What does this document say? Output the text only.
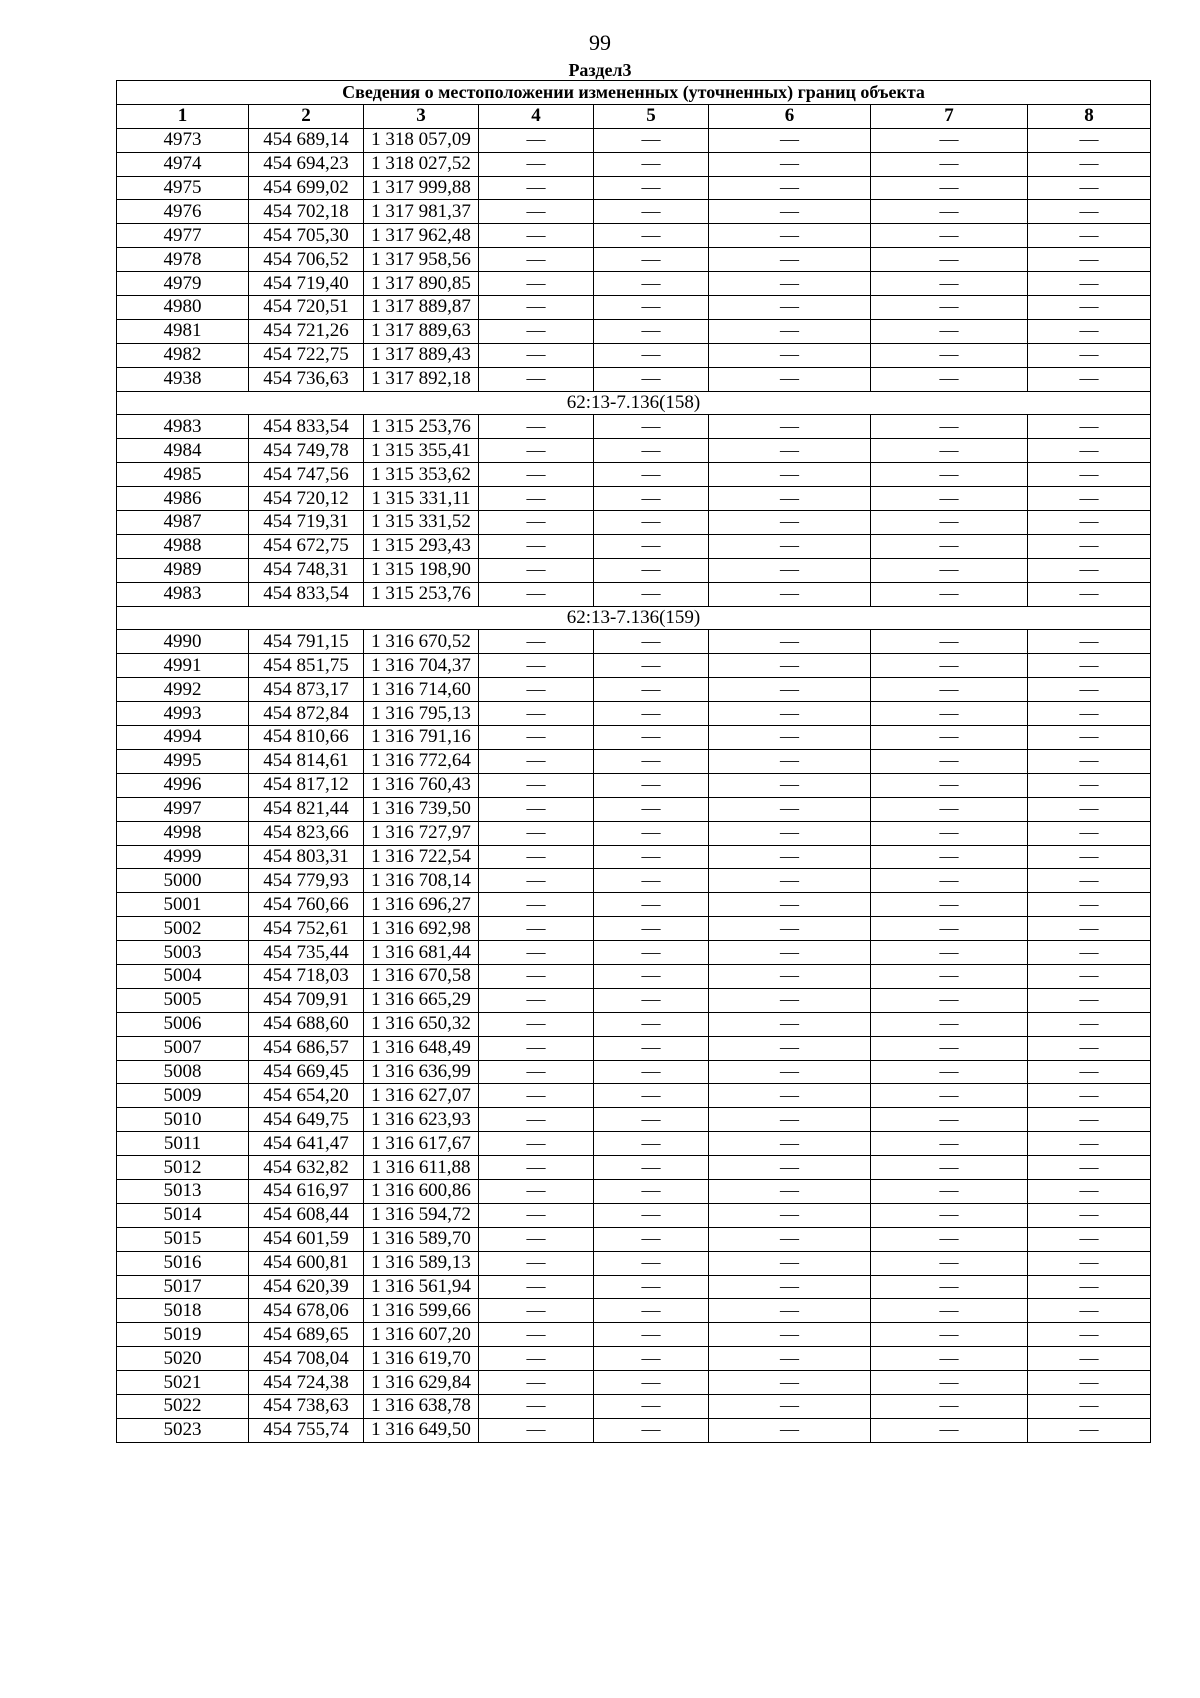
99
Раздел3
Сведения о местоположении измененных (уточненных) границ объекта							
1	2	3	4	5	6	7	8
4973	454 689,14	1 318 057,09	—	—	—	—	—
4974	454 694,23	1 318 027,52	—	—	—	—	—
4975	454 699,02	1 317 999,88	—	—	—	—	—
4976	454 702,18	1 317 981,37	—	—	—	—	—
4977	454 705,30	1 317 962,48	—	—	—	—	—
4978	454 706,52	1 317 958,56	—	—	—	—	—
4979	454 719,40	1 317 890,85	—	—	—	—	—
4980	454 720,51	1 317 889,87	—	—	—	—	—
4981	454 721,26	1 317 889,63	—	—	—	—	—
4982	454 722,75	1 317 889,43	—	—	—	—	—
4938	454 736,63	1 317 892,18	—	—	—	—	—
62:13-7.136(158)							
4983	454 833,54	1 315 253,76	—	—	—	—	—
4984	454 749,78	1 315 355,41	—	—	—	—	—
4985	454 747,56	1 315 353,62	—	—	—	—	—
4986	454 720,12	1 315 331,11	—	—	—	—	—
4987	454 719,31	1 315 331,52	—	—	—	—	—
4988	454 672,75	1 315 293,43	—	—	—	—	—
4989	454 748,31	1 315 198,90	—	—	—	—	—
4983	454 833,54	1 315 253,76	—	—	—	—	—
62:13-7.136(159)							
4990	454 791,15	1 316 670,52	—	—	—	—	—
4991	454 851,75	1 316 704,37	—	—	—	—	—
4992	454 873,17	1 316 714,60	—	—	—	—	—
4993	454 872,84	1 316 795,13	—	—	—	—	—
4994	454 810,66	1 316 791,16	—	—	—	—	—
4995	454 814,61	1 316 772,64	—	—	—	—	—
4996	454 817,12	1 316 760,43	—	—	—	—	—
4997	454 821,44	1 316 739,50	—	—	—	—	—
4998	454 823,66	1 316 727,97	—	—	—	—	—
4999	454 803,31	1 316 722,54	—	—	—	—	—
5000	454 779,93	1 316 708,14	—	—	—	—	—
5001	454 760,66	1 316 696,27	—	—	—	—	—
5002	454 752,61	1 316 692,98	—	—	—	—	—
5003	454 735,44	1 316 681,44	—	—	—	—	—
5004	454 718,03	1 316 670,58	—	—	—	—	—
5005	454 709,91	1 316 665,29	—	—	—	—	—
5006	454 688,60	1 316 650,32	—	—	—	—	—
5007	454 686,57	1 316 648,49	—	—	—	—	—
5008	454 669,45	1 316 636,99	—	—	—	—	—
5009	454 654,20	1 316 627,07	—	—	—	—	—
5010	454 649,75	1 316 623,93	—	—	—	—	—
5011	454 641,47	1 316 617,67	—	—	—	—	—
5012	454 632,82	1 316 611,88	—	—	—	—	—
5013	454 616,97	1 316 600,86	—	—	—	—	—
5014	454 608,44	1 316 594,72	—	—	—	—	—
5015	454 601,59	1 316 589,70	—	—	—	—	—
5016	454 600,81	1 316 589,13	—	—	—	—	—
5017	454 620,39	1 316 561,94	—	—	—	—	—
5018	454 678,06	1 316 599,66	—	—	—	—	—
5019	454 689,65	1 316 607,20	—	—	—	—	—
5020	454 708,04	1 316 619,70	—	—	—	—	—
5021	454 724,38	1 316 629,84	—	—	—	—	—
5022	454 738,63	1 316 638,78	—	—	—	—	—
5023	454 755,74	1 316 649,50	—	—	—	—	—
